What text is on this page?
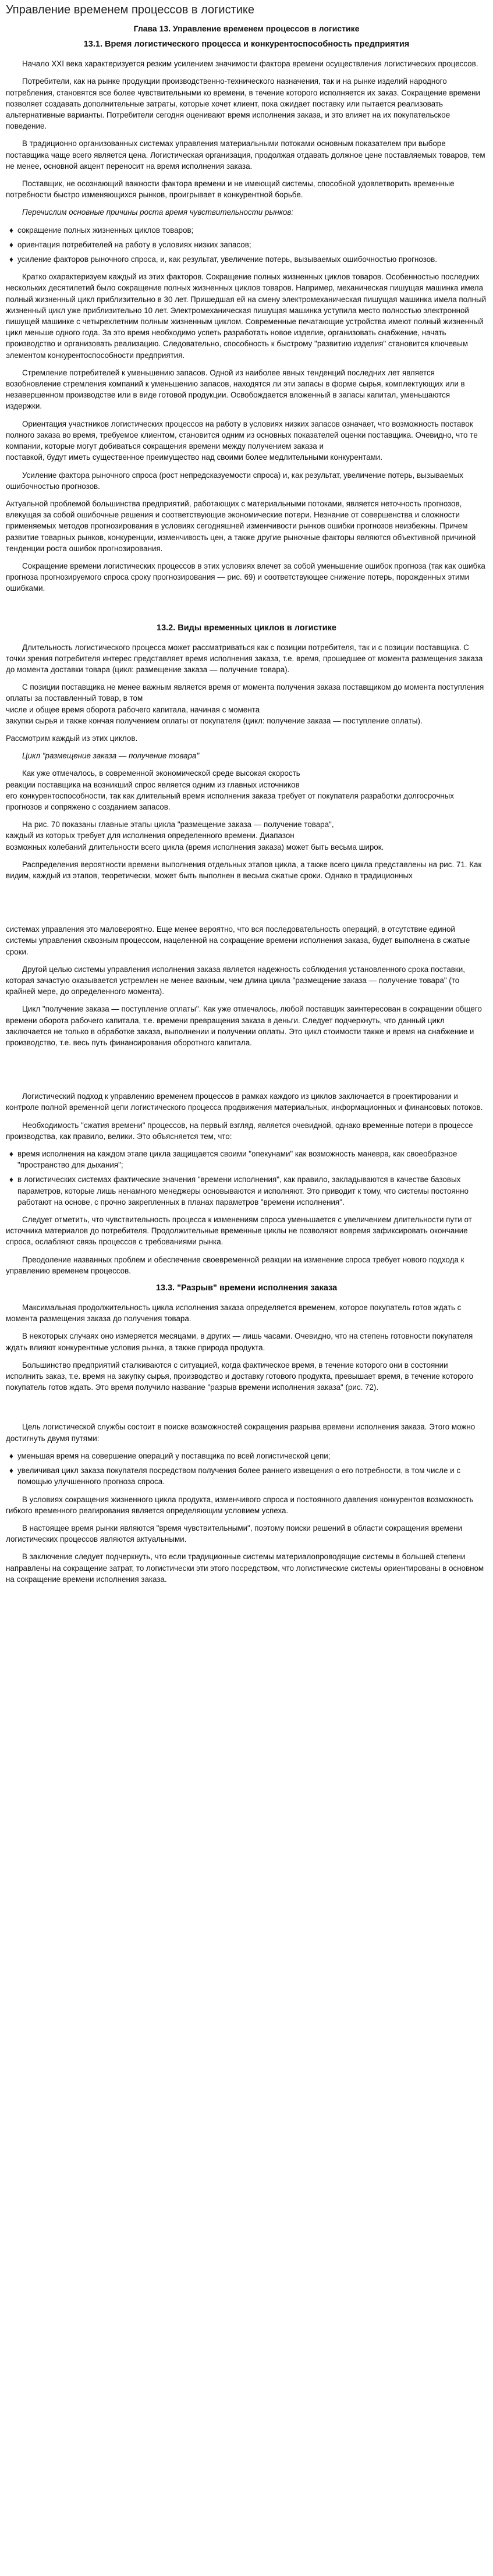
Управление временем процессов в логистике
Глава 13. Управление временем процессов в логистике
13.1. Время логистического процесса и конкурентоспособность предприятия

Начало XXI века характеризуется резким усилением значимости фактора времени осуществления логистических процессов.

Потребители, как на рынке продукции производственно-технического назначения, так и на рынке изделий народного потребления, становятся все более чувствительными ко времени, в течение которого исполняется их заказ. Сокращение времени позволяет создавать дополнительные затраты, которые хочет клиент, пока ожидает поставку или пытается реализовать альтернативные варианты. Потребители сегодня оценивают время исполнения заказа, и это влияет на их покупательское поведение.

В традиционно организованных системах управления материальными потоками основным показателем при выборе поставщика чаще всего является цена. Логистическая организация, продолжая отдавать должное цене поставляемых товаров, тем не менее, основной акцент переносит на время исполнения заказа.

Поставщик, не осознающий важности фактора времени и не имеющий системы, способной удовлетворить временные потребности быстро изменяющихся рынков, проигрывает в конкурентной борьбе.

Перечислим основные причины роста время чувствительности рынков:

♦ сокращение полных жизненных циклов товаров;
♦ ориентация потребителей на работу в условиях низких запасов;
♦ усиление факторов рыночного спроса, и, как результат, увеличение потерь, вызываемых ошибочностью прогнозов.

Кратко охарактеризуем каждый из этих факторов. Сокращение полных жизненных циклов товаров. Особенностью последних нескольких десятилетий было сокращение полных жизненных циклов товаров. Например, механическая пишущая машинка имела полный жизненный цикл приблизительно в 30 лет. Пришедшая ей на смену электромеханическая пишущая машинка имела полный жизненный цикл уже приблизительно 10 лет. Электромеханическая пишущая машинка уступила место полностью электронной пишущей машинке с четырехлетним полным жизненным циклом. Современные печатающие устройства имеют полный жизненный цикл меньше одного года. За это время необходимо успеть разработать новое изделие, организовать снабжение, начать производство и организовать реализацию. Следовательно, способность к быстрому "развитию изделия" становится ключевым элементом конкурентоспособности предприятия.

Стремление потребителей к уменьшению запасов. Одной из наиболее явных тенденций последних лет является возобновление стремления компаний к уменьшению запасов, находятся ли эти запасы в форме сырья, комплектующих или в незавершенном производстве или в виде готовой продукции. Освобождается вложенный в запасы капитал, уменьшаются издержки.

Ориентация участников логистических процессов на работу в условиях низких запасов означает, что возможность поставок полного заказа во время, требуемое клиентом, становится одним из основных показателей оценки поставщика. Очевидно, что те компании, которые могут добиваться сокращения времени между получением заказа и

поставкой, будут иметь существенное преимущество над своими более медлительными конкурентами.

Усиление фактора рыночного спроса (рост непредсказуемости спроса) и, как результат, увеличение потерь, вызываемых ошибочностью прогнозов.

Актуальной проблемой большинства предприятий, работающих с материальными потоками, является неточность прогнозов, влекущая за собой ошибочные решения и соответствующие экономические потери. Незнание от совершенства и сложности применяемых методов прогнозирования в условиях сегодняшней изменчивости рынков ошибки прогнозов неизбежны. Причем развитие товарных рынков, конкуренции, изменчивость цен, а также другие рыночные факторы являются объективной причиной тенденции роста ошибок прогнозирования.

Сокращение времени логистических процессов в этих условиях влечет за собой уменьшение ошибок прогноза (так как ошибка прогноза прогнозируемого спроса сроку прогнозирования — рис. 69) и соответствующее снижение потерь, порожденных этими ошибками.

13.2. Виды временных циклов в логистике

Длительность логистического процесса может рассматриваться как с позиции потребителя, так и с позиции поставщика. С точки зрения потребителя интерес представляет время исполнения заказа, т.е. время, прошедшее от момента размещения заказа до момента доставки товара (цикл: размещение заказа — получение товара).

С позиции поставщика не менее важным является время от момента получения заказа поставщиком до момента поступления оплаты за поставленный товар, в том

числе и общее время оборота рабочего капитала, начиная с момента

закупки сырья и также кончая получением оплаты от покупателя (цикл: получение заказа — поступление оплаты).

Рассмотрим каждый из этих циклов.

Цикл "размещение заказа — получение товара"

Как уже отмечалось, в современной экономической среде высокая скорость

реакции поставщика на возникший спрос является одним из главных источников

его конкурентоспособности, так как длительный время исполнения заказа требует от покупателя разработки долгосрочных прогнозов и сопряжено с созданием запасов.

На рис. 70 показаны главные этапы цикла "размещение заказа — получение товара",

каждый из которых требует для исполнения определенного времени. Диапазон

возможных колебаний длительности всего цикла (время исполнения заказа) может быть весьма широк.

Распределения вероятности времени выполнения отдельных этапов цикла, а также всего цикла представлены на рис. 71. Как видим, каждый из этапов, теоретически, может быть выполнен в весьма сжатые сроки. Однако в традиционных

системах управления это маловероятно. Еще менее вероятно, что вся последовательность операций, в отсутствие единой системы управления сквозным процессом, нацеленной на сокращение времени исполнения заказа, будет выполнена в сжатые сроки.

Другой целью системы управления исполнения заказа является надежность соблюдения установленного срока поставки, которая зачастую оказывается устремлен не менее важным, чем длина цикла "размещение заказа — получение товара" (то крайней мере, до определенного момента).

Цикл "получение заказа — поступление оплаты". Как уже отмечалось, любой поставщик заинтересован в сокращении общего времени оборота рабочего капитала, т.е. времени превращения заказа в деньги. Следует подчеркнуть, что данный цикл заключается не только в обработке заказа, выполнении и получении оплаты. Это цикл стоимости также и время на снабжение и производство, т.е. весь путь финансирования оборотного капитала.

Логистический подход к управлению временем процессов в рамках каждого из циклов заключается в проектировании и контроле полной временной цепи логистического процесса продвижения материальных, информационных и финансовых потоков.

Необходимость "сжатия времени" процессов, на первый взгляд, является очевидной, однако временные потери в процессе производства, как правило, велики. Это объясняется тем, что:

♦ время исполнения на каждом этапе цикла защищается своими "опекунами" как возможность маневра, как своеобразное "пространство для дыхания";
♦ в логистических системах фактические значения "времени исполнения", как правило, закладываются в качестве базовых параметров, которые лишь ненамного менеджеры основываются и исполняют. Это приводит к тому, что системы постоянно работают на основе, с прочно закрепленных в планах параметров "времени исполнения".

Следует отметить, что чувствительность процесса к изменениям спроса уменьшается с увеличением длительности пути от источника материалов до потребителя. Продолжительные временные циклы не позволяют вовремя зафиксировать окончание спроса, ослабляют связь процессов с требованиями рынка.

Преодоление названных проблем и обеспечение своевременной реакции на изменение спроса требует нового подхода к управлению временем процессов.

13.3. "Разрыв" времени исполнения заказа

Максимальная продолжительность цикла исполнения заказа определяется временем, которое покупатель готов ждать с момента размещения заказа до получения товара.

В некоторых случаях оно измеряется месяцами, в других — лишь часами. Очевидно, что на степень готовности покупателя ждать влияют конкурентные условия рынка, а также природа продукта.

Большинство предприятий сталкиваются с ситуацией, когда фактическое время, в течение которого они в состоянии исполнить заказ, т.е. время на закупку сырья, производство и доставку готового продукта, превышает время, в течение которого покупатель готов ждать. Это время получило название "разрыв времени исполнения заказа" (рис. 72).

Цель логистической службы состоит в поиске возможностей сокращения разрыва времени исполнения заказа. Этого можно достигнуть двумя путями:

♦ уменьшая время на совершение операций у поставщика по всей логистической цепи;
♦ увеличивая цикл заказа покупателя посредством получения более раннего извещения о его потребности, в том числе и с помощью улучшенного прогноза спроса.

В условиях сокращения жизненного цикла продукта, изменчивого спроса и постоянного давления конкурентов возможность гибкого временного реагирования является определяющим условием успеха.

В настоящее время рынки являются "время чувствительными", поэтому поиски решений в области сокращения времени логистических процессов являются актуальными.

В заключение следует подчеркнуть, что если традиционные системы материалопроводящие системы в большей степени направлены на сокращение затрат, то логистически эти этого посредством, что логистические системы ориентированы в основном на сокращение времени исполнения заказа.
